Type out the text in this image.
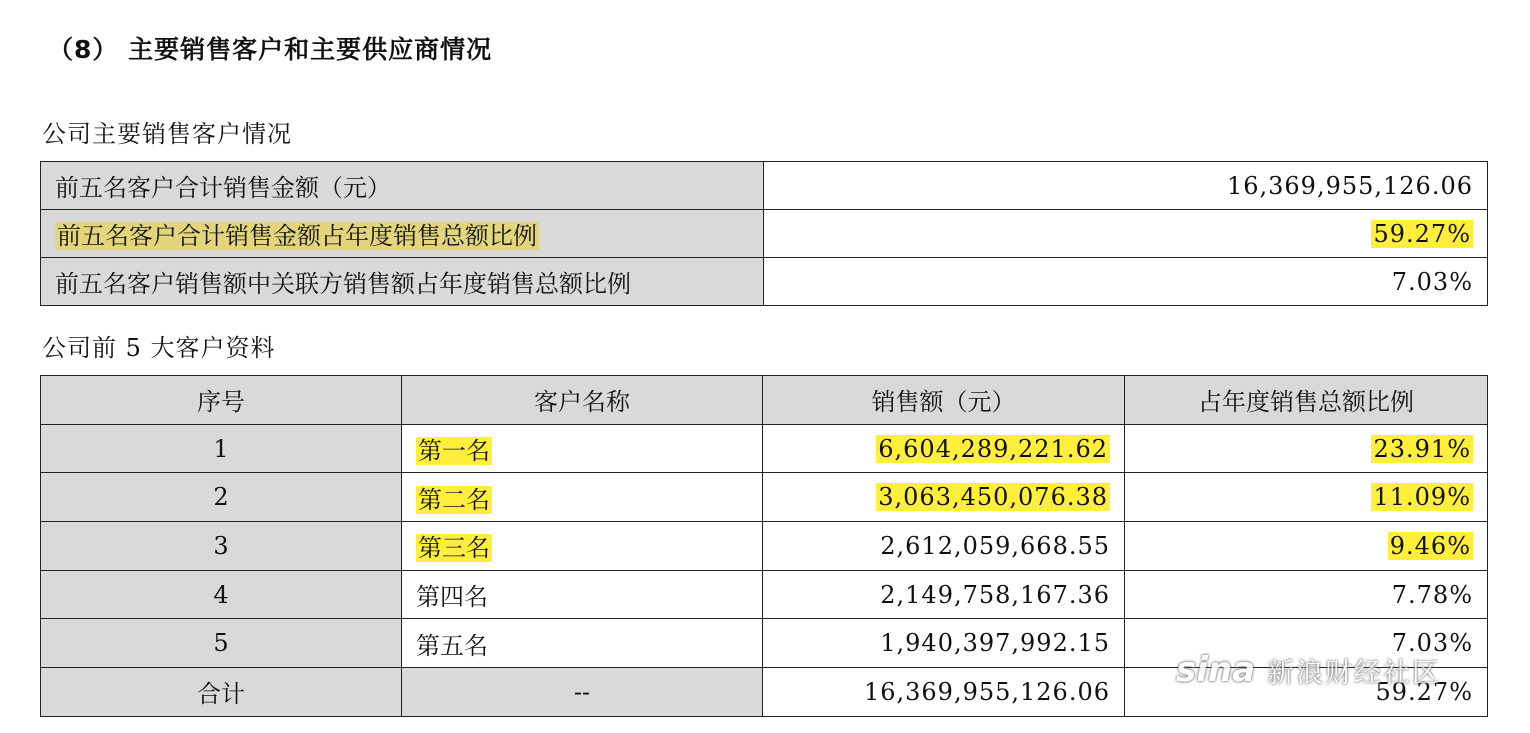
（8） 主要销售客户和主要供应商情况
公司主要销售客户情况
前五名客户合计销售金额（元）	16,369,955,126.06
前五名客户合计销售金额占年度销售总额比例	59.27%
前五名客户销售额中关联方销售额占年度销售总额比例	7.03%
公司前 5 大客户资料
序号	客户名称	销售额（元）	占年度销售总额比例
1	第一名	6,604,289,221.62	23.91%
2	第二名	3,063,450,076.38	11.09%
3	第三名	2,612,059,668.55	9.46%
4	第四名	2,149,758,167.36	7.78%
5	第五名	1,940,397,992.15	7.03%
合计	--	16,369,955,126.06	59.27%
sina 新浪财经社区
